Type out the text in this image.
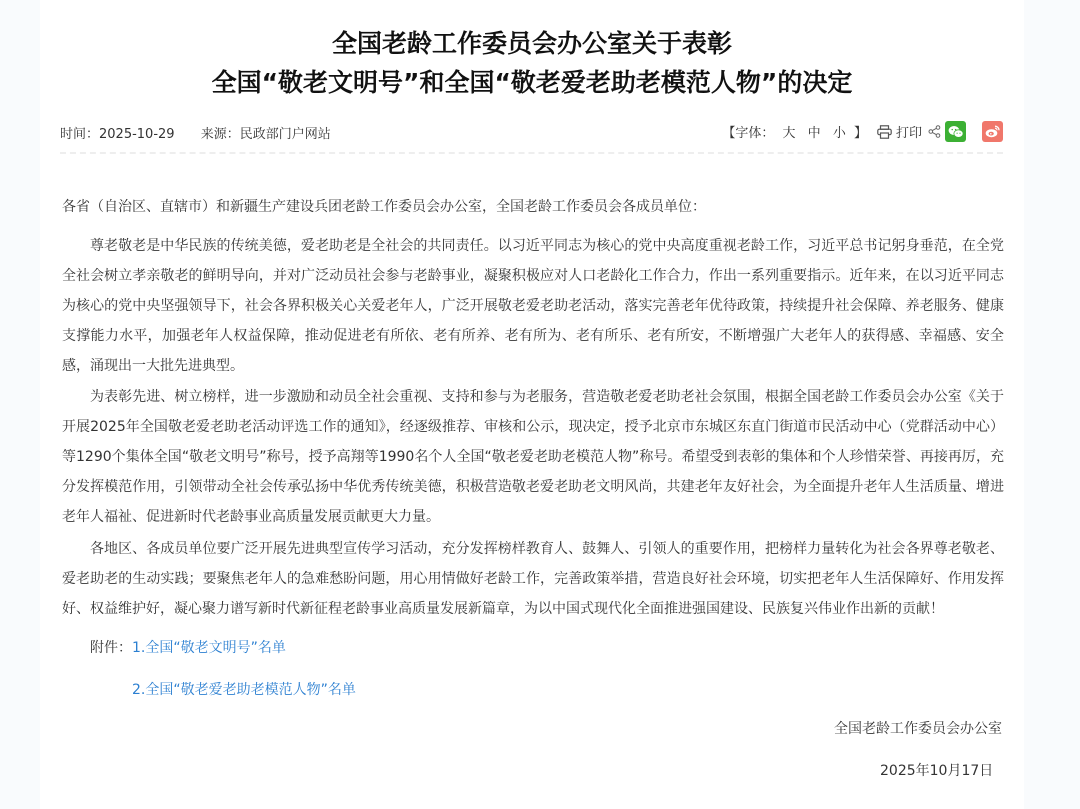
全国老龄工作委员会办公室关于表彰
全国“敬老文明号”和全国“敬老爱老助老模范人物”的决定
时间：2025-10-29 来源：民政部门户网站	【字体： 大 中 小 】 打印

各省（自治区、直辖市）和新疆生产建设兵团老龄工作委员会办公室，全国老龄工作委员会各成员单位：

尊老敬老是中华民族的传统美德，爱老助老是全社会的共同责任。以习近平同志为核心的党中央高度重视老龄工作，习近平总书记躬身垂范，在全党全社会树立孝亲敬老的鲜明导向，并对广泛动员社会参与老龄事业，凝聚积极应对人口老龄化工作合力，作出一系列重要指示。近年来，在以习近平同志为核心的党中央坚强领导下，社会各界积极关心关爱老年人，广泛开展敬老爱老助老活动，落实完善老年优待政策，持续提升社会保障、养老服务、健康支撑能力水平，加强老年人权益保障，推动促进老有所依、老有所养、老有所为、老有所乐、老有所安，不断增强广大老年人的获得感、幸福感、安全感，涌现出一大批先进典型。

为表彰先进、树立榜样，进一步激励和动员全社会重视、支持和参与为老服务，营造敬老爱老助老社会氛围，根据全国老龄工作委员会办公室《关于开展2025年全国敬老爱老助老活动评选工作的通知》，经逐级推荐、审核和公示，现决定，授予北京市东城区东直门街道市民活动中心（党群活动中心）等1290个集体全国“敬老文明号”称号，授予高翔等1990名个人全国“敬老爱老助老模范人物”称号。希望受到表彰的集体和个人珍惜荣誉、再接再厉，充分发挥模范作用，引领带动全社会传承弘扬中华优秀传统美德，积极营造敬老爱老助老文明风尚，共建老年友好社会，为全面提升老年人生活质量、增进老年人福祉、促进新时代老龄事业高质量发展贡献更大力量。

各地区、各成员单位要广泛开展先进典型宣传学习活动，充分发挥榜样教育人、鼓舞人、引领人的重要作用，把榜样力量转化为社会各界尊老敬老、爱老助老的生动实践；要聚焦老年人的急难愁盼问题，用心用情做好老龄工作，完善政策举措，营造良好社会环境，切实把老年人生活保障好、作用发挥好、权益维护好，凝心聚力谱写新时代新征程老龄事业高质量发展新篇章，为以中国式现代化全面推进强国建设、民族复兴伟业作出新的贡献！

附件：1.全国“敬老文明号”名单
2.全国“敬老爱老助老模范人物”名单
全国老龄工作委员会办公室
2025年10月17日
